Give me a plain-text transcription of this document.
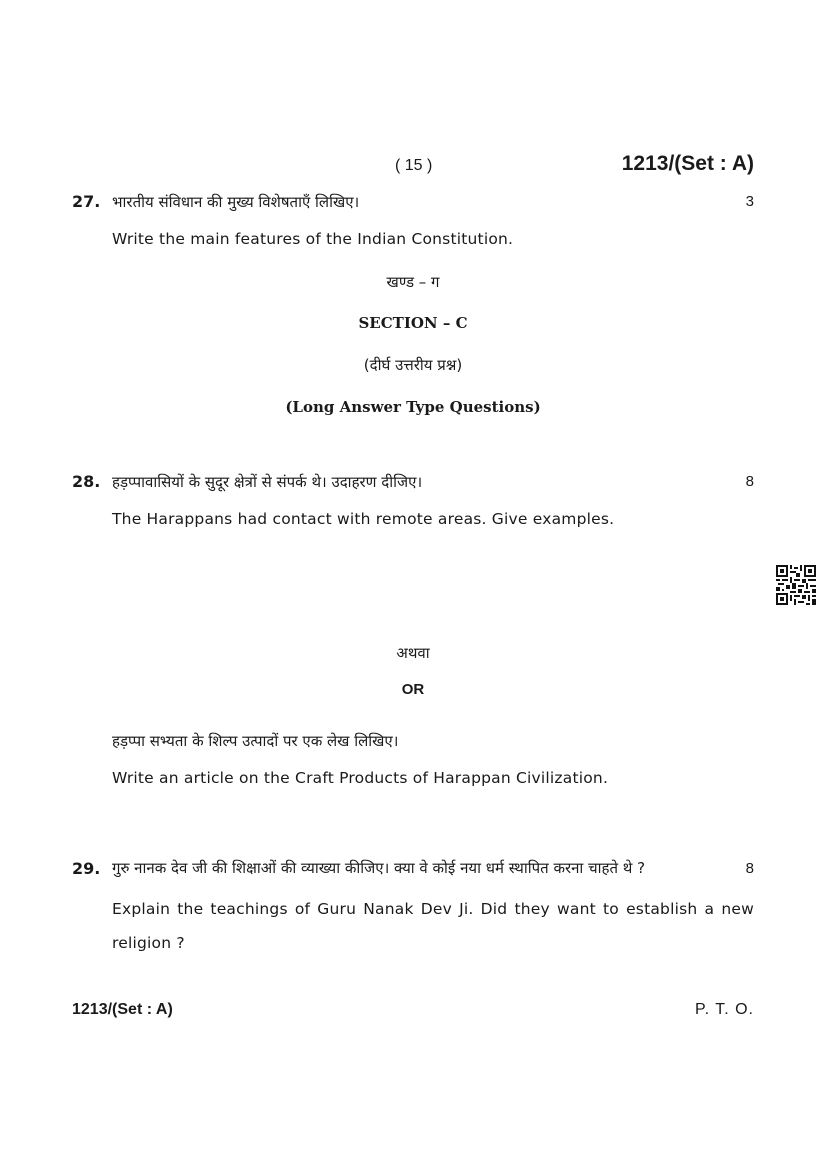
( 15 )	1213/(Set : A)
27. भारतीय संविधान की मुख्य विशेषताएँ लिखिए।	3
Write the main features of the Indian Constitution.
खण्ड – ग
SECTION – C
(दीर्घ उत्तरीय प्रश्न)
(Long Answer Type Questions)
28. हड़प्पावासियों के सुदूर क्षेत्रों से संपर्क थे। उदाहरण दीजिए।	8
The Harappans had contact with remote areas. Give examples.
अथवा
OR
हड़प्पा सभ्यता के शिल्प उत्पादों पर एक लेख लिखिए।
Write an article on the Craft Products of Harappan Civilization.
29. गुरु नानक देव जी की शिक्षाओं की व्याख्या कीजिए। क्या वे कोई नया धर्म स्थापित करना चाहते थे ?	8
Explain the teachings of Guru Nanak Dev Ji. Did they want to establish a new religion ?
1213/(Set : A)	P. T. O.
